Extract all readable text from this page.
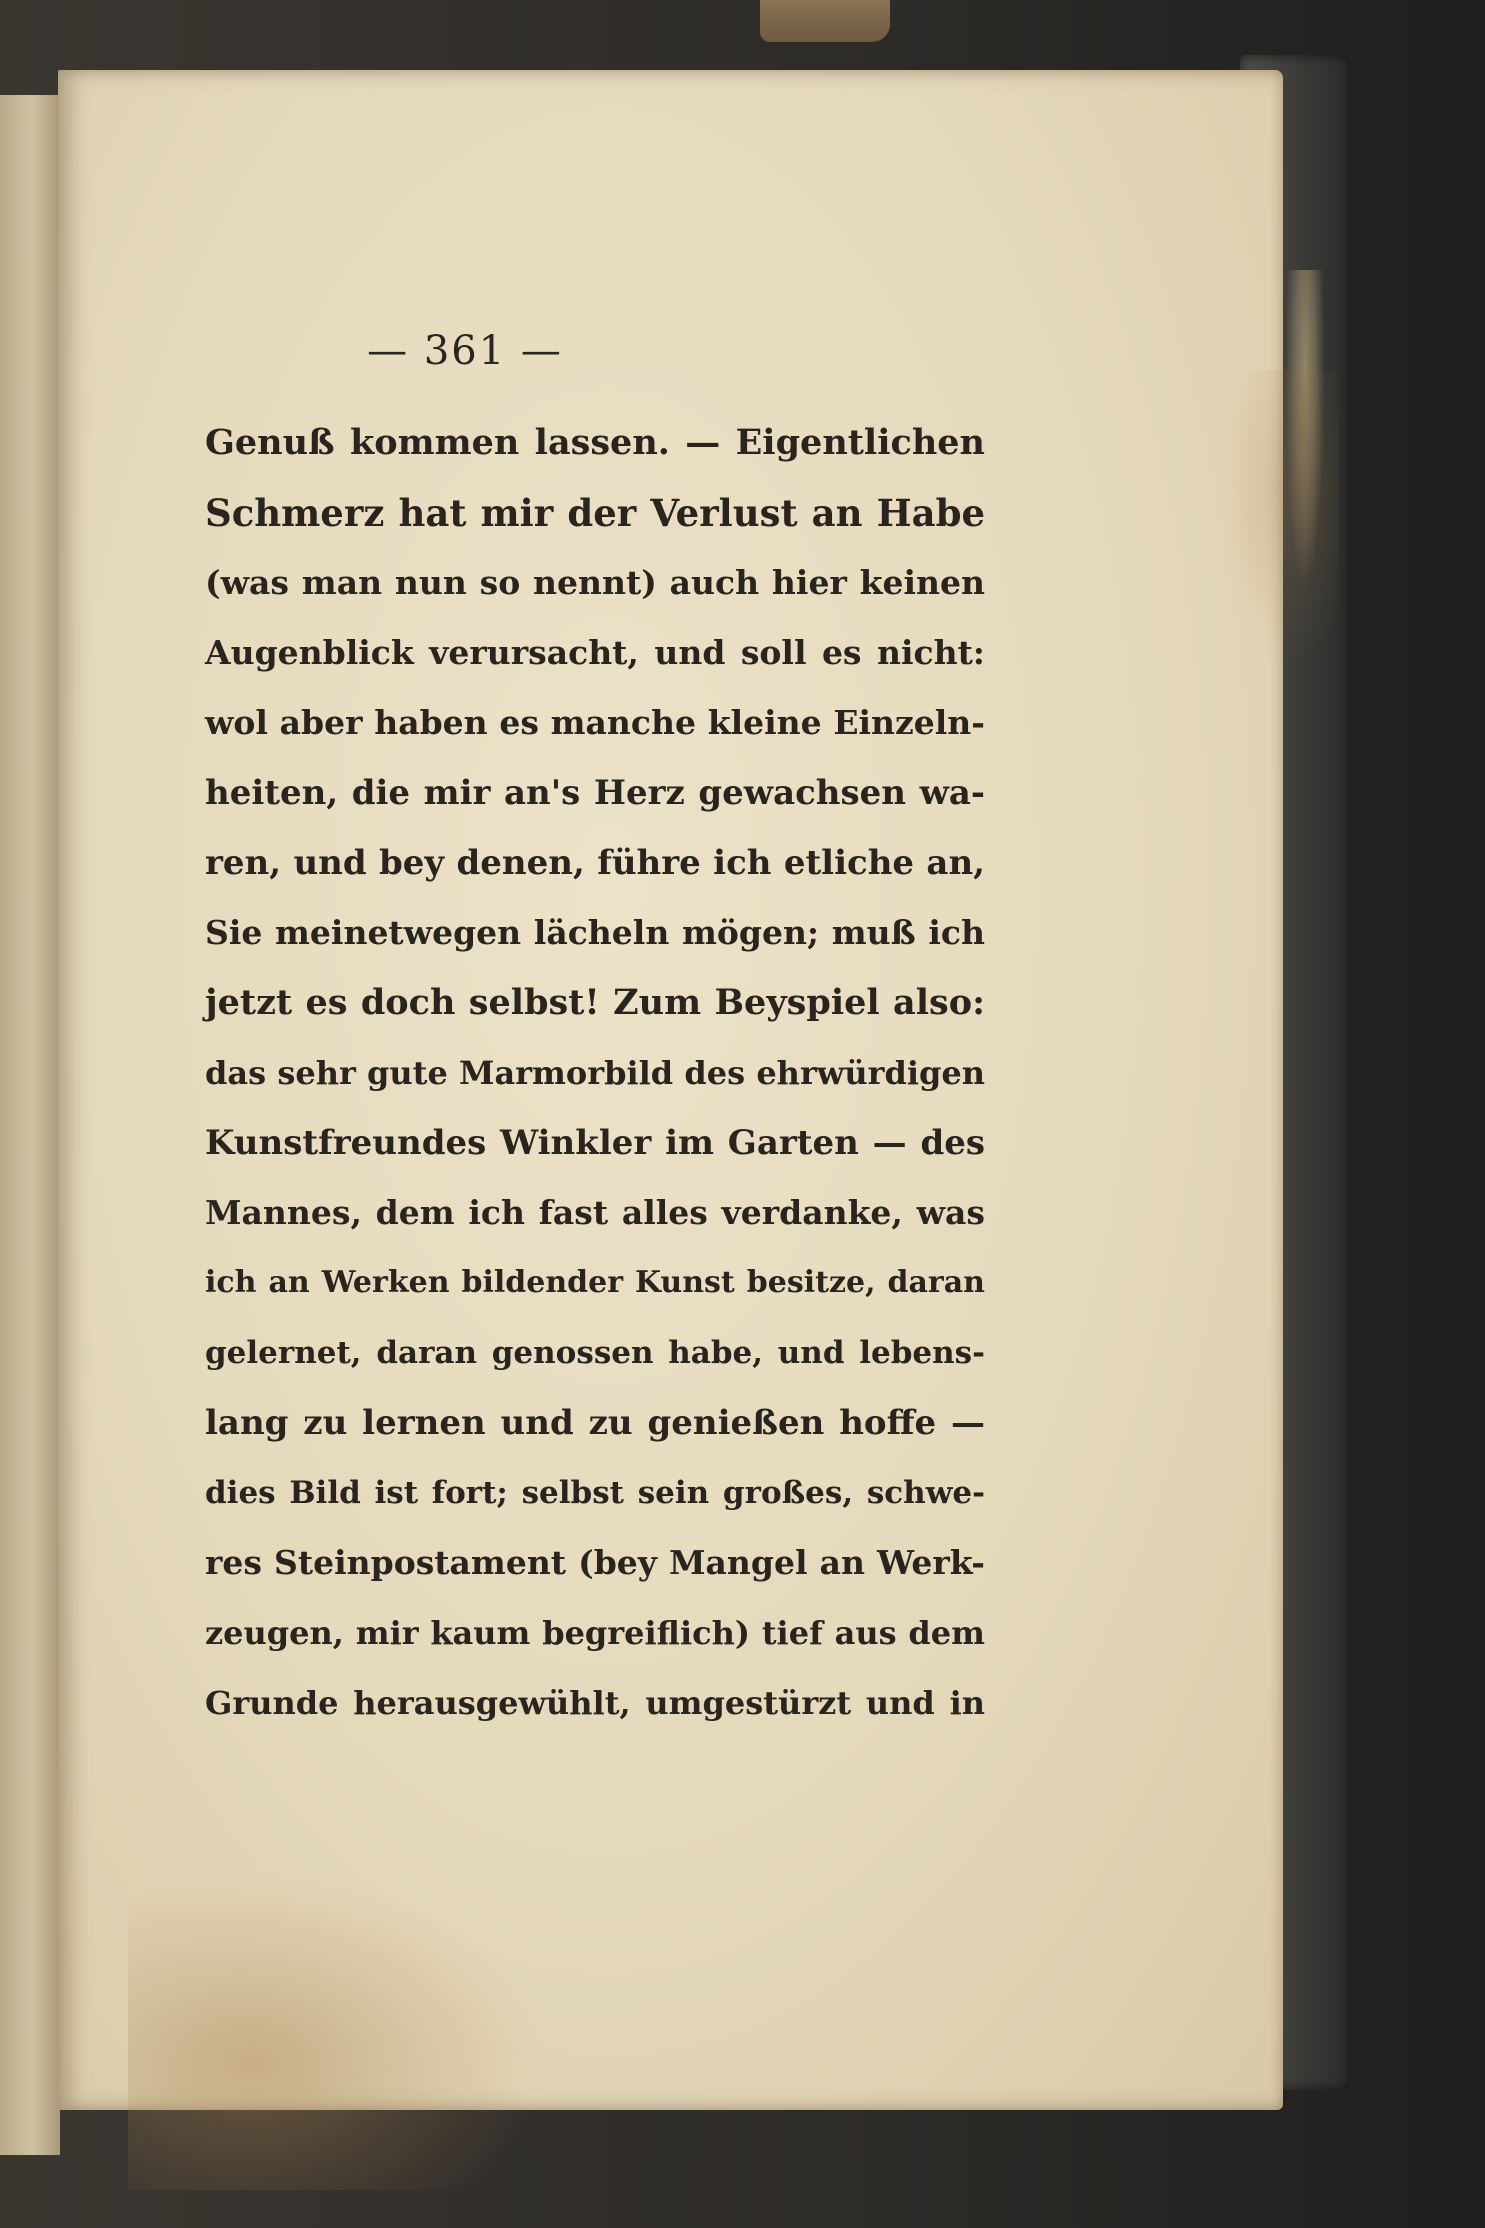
— 361 —
Genuß kommen lassen. — Eigentlichen
Schmerz hat mir der Verlust an Habe
(was man nun so nennt) auch hier keinen
Augenblick verursacht, und soll es nicht:
wol aber haben es manche kleine Einzeln-
heiten, die mir an's Herz gewachsen wa-
ren, und bey denen, führe ich etliche an,
Sie meinetwegen lächeln mögen; muß ich
jetzt es doch selbst! Zum Beyspiel also:
das sehr gute Marmorbild des ehrwürdigen
Kunstfreundes Winkler im Garten — des
Mannes, dem ich fast alles verdanke, was
ich an Werken bildender Kunst besitze, daran
gelernet, daran genossen habe, und lebens-
lang zu lernen und zu genießen hoffe —
dies Bild ist fort; selbst sein großes, schwe-
res Steinpostament (bey Mangel an Werk-
zeugen, mir kaum begreiflich) tief aus dem
Grunde herausgewühlt, umgestürzt und in
